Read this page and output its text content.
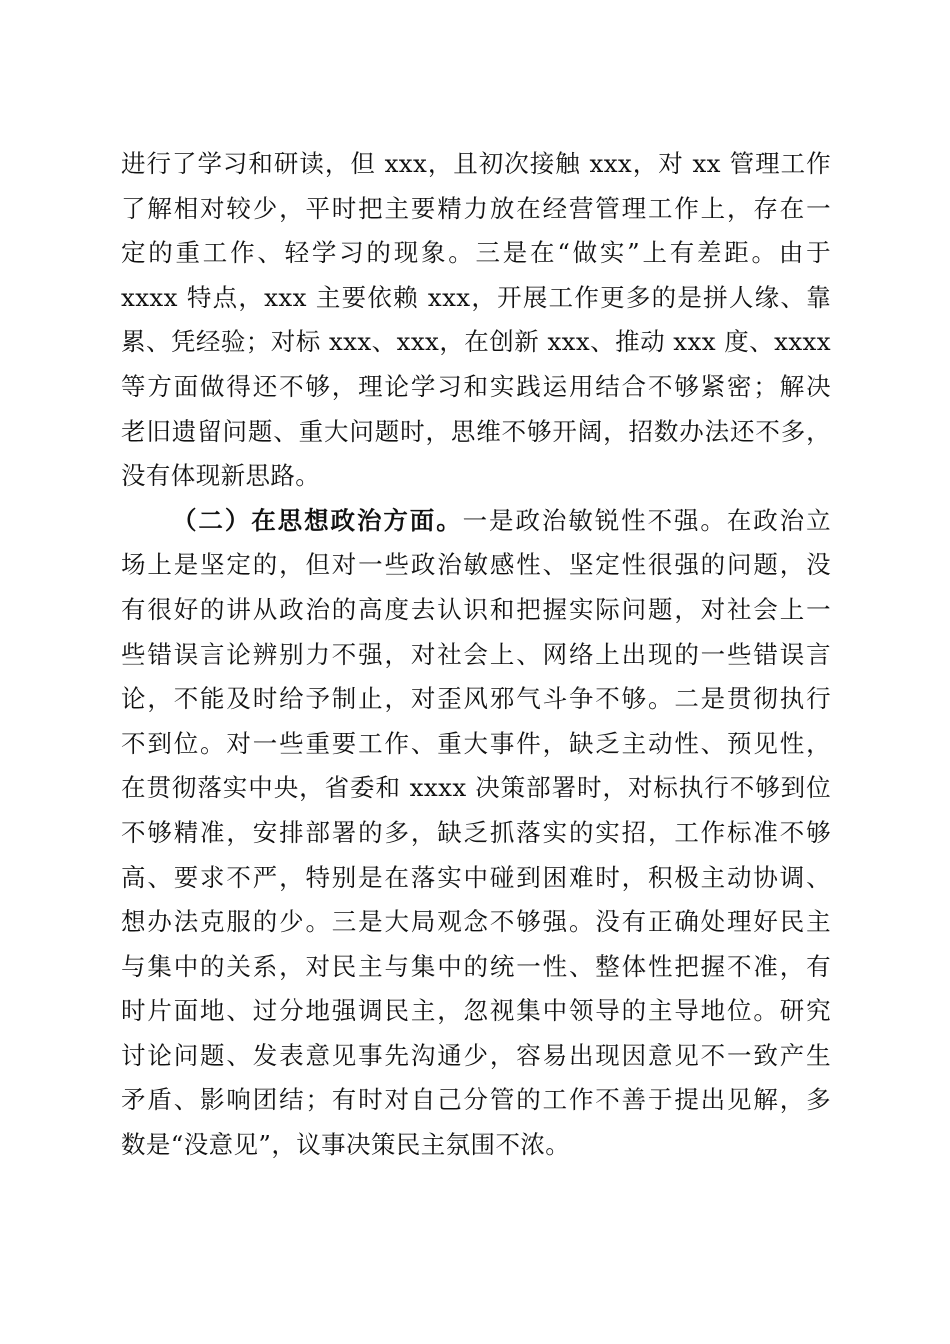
进行了学习和研读，但 xxx，且初次接触 xxx，对 xx 管理工作
了解相对较少，平时把主要精力放在经营管理工作上，存在一
定的重工作、轻学习的现象。三是在“做实”上有差距。由于
xxxx 特点，xxx 主要依赖 xxx，开展工作更多的是拼人缘、靠
累、凭经验；对标 xxx、xxx，在创新 xxx、推动 xxx 度、xxxx
等方面做得还不够，理论学习和实践运用结合不够紧密；解决
老旧遗留问题、重大问题时，思维不够开阔，招数办法还不多，
没有体现新思路。
（二）在思想政治方面。一是政治敏锐性不强。在政治立
场上是坚定的，但对一些政治敏感性、坚定性很强的问题，没
有很好的讲从政治的高度去认识和把握实际问题，对社会上一
些错误言论辨别力不强，对社会上、网络上出现的一些错误言
论，不能及时给予制止，对歪风邪气斗争不够。二是贯彻执行
不到位。对一些重要工作、重大事件，缺乏主动性、预见性，
在贯彻落实中央，省委和 xxxx 决策部署时，对标执行不够到位
不够精准，安排部署的多，缺乏抓落实的实招，工作标准不够
高、要求不严，特别是在落实中碰到困难时，积极主动协调、
想办法克服的少。三是大局观念不够强。没有正确处理好民主
与集中的关系，对民主与集中的统一性、整体性把握不准，有
时片面地、过分地强调民主，忽视集中领导的主导地位。研究
讨论问题、发表意见事先沟通少，容易出现因意见不一致产生
矛盾、影响团结；有时对自己分管的工作不善于提出见解，多
数是“没意见”，议事决策民主氛围不浓。
